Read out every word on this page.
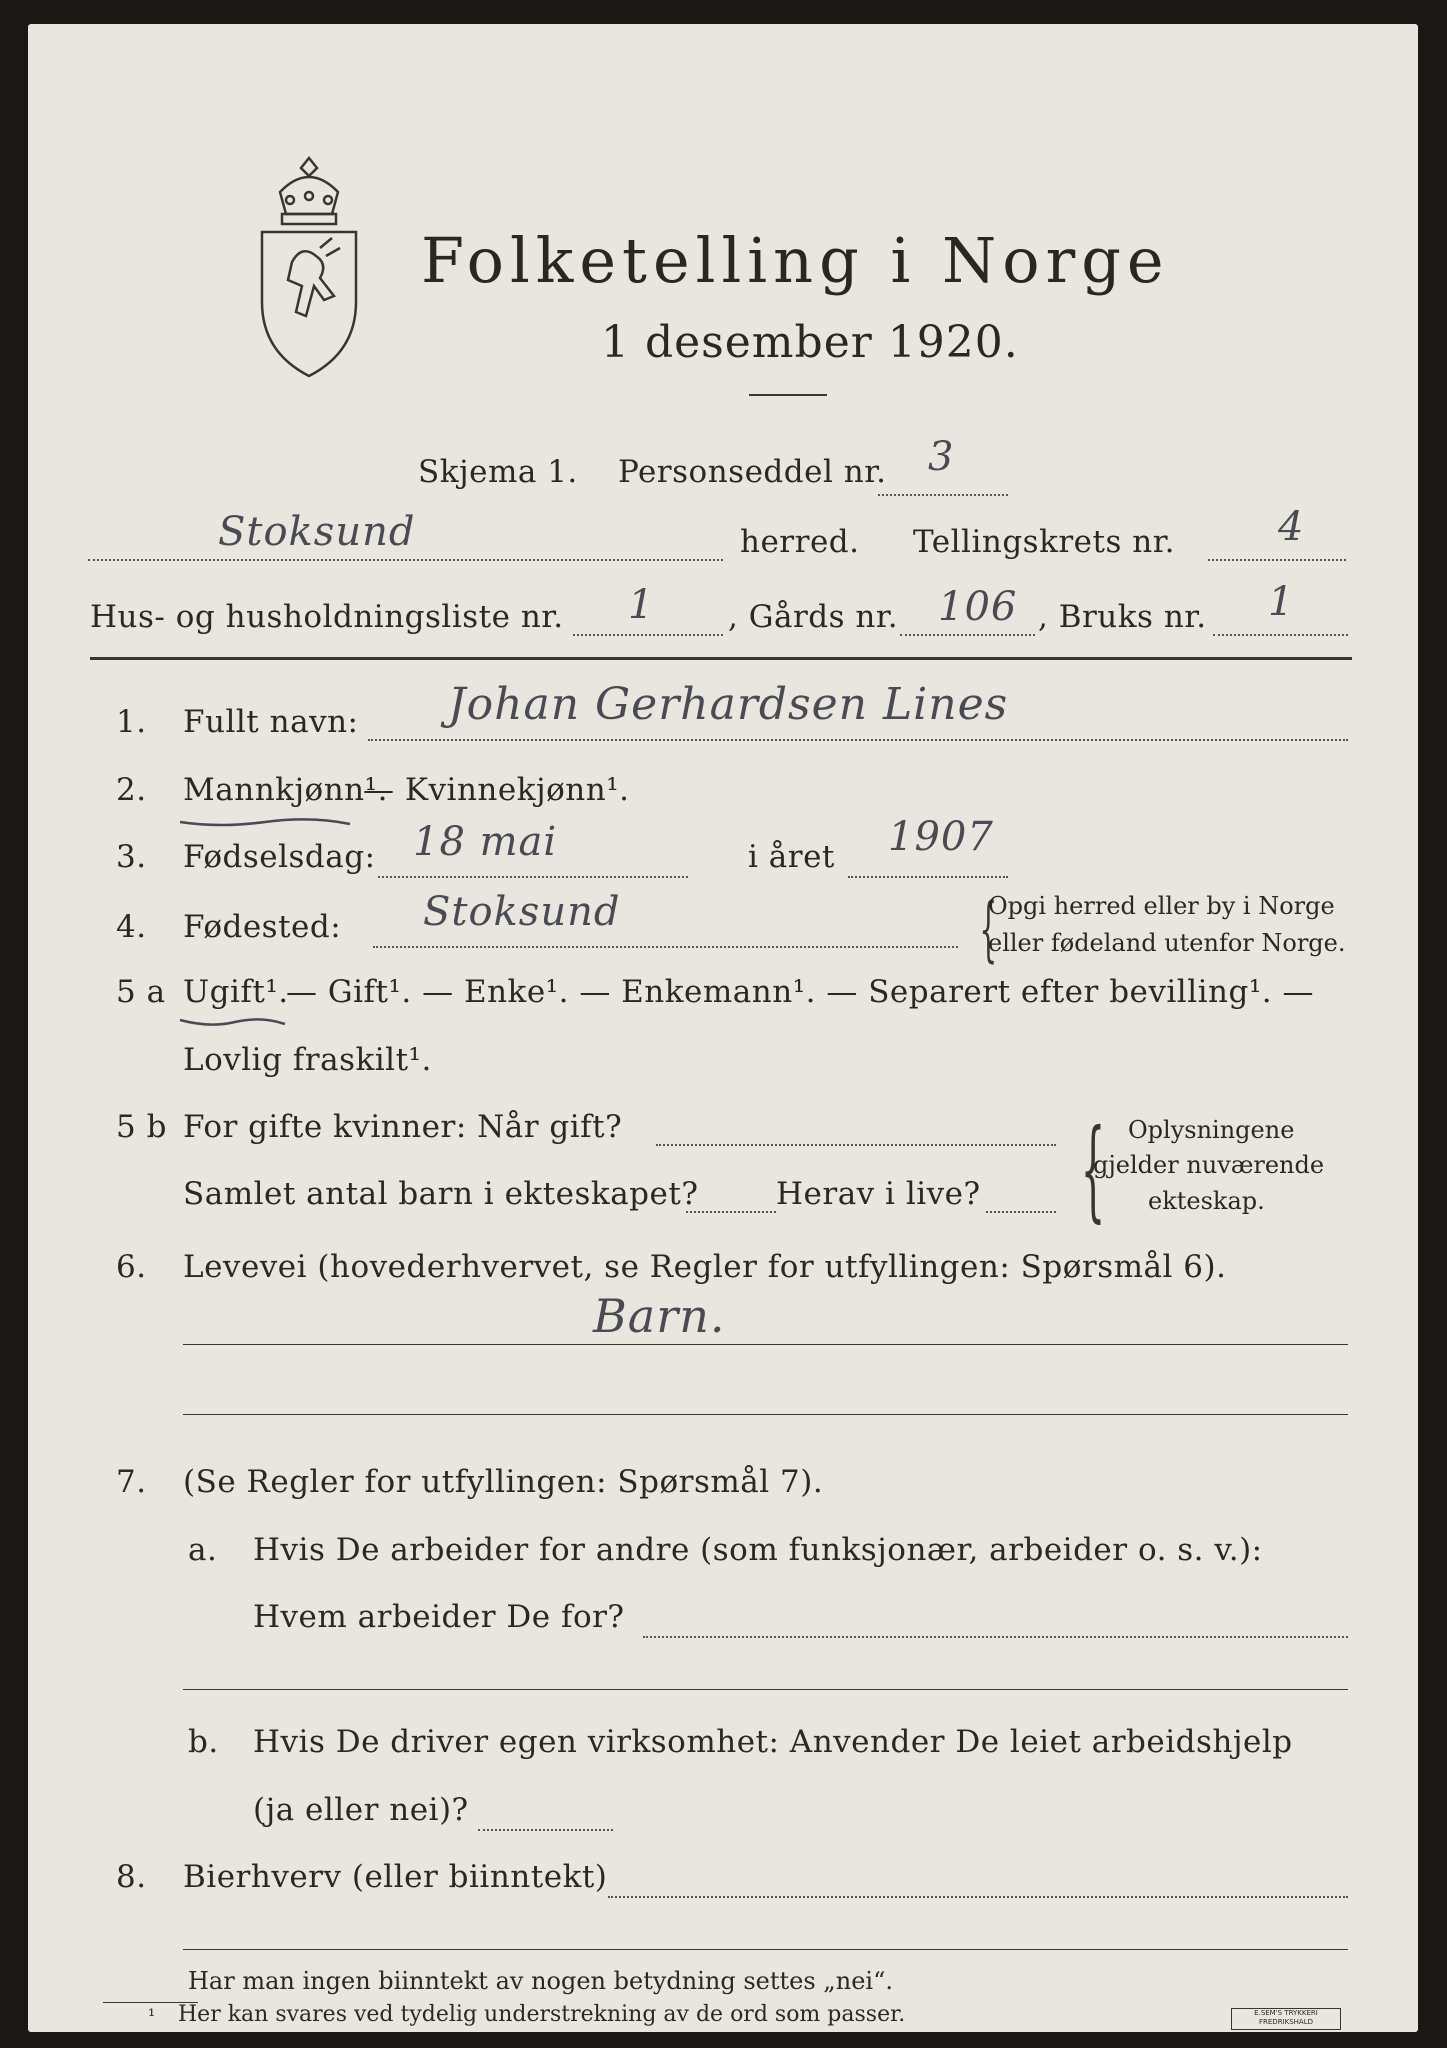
Folketelling i Norge
1 desember 1920.
Skjema 1. Personseddel nr. 3
Stoksund	herred. Tellingskrets nr.	4
Hus- og husholdningsliste nr. 1 , Gårds nr. 106 , Bruks nr. 1
1. Fullt navn: Johan Gerhardsen Lines
2. Mannkjønn¹.
— Kvinnekjønn¹.
3. Fødselsdag: 18 mai	i året 1907
4. Fødested: Stoksund	{
Opgi herred eller by i Norge
eller fødeland utenfor Norge.
5 a Ugift¹.
— Gift¹. — Enke¹. — Enkemann¹. — Separert efter bevilling¹. —
Lovlig fraskilt¹.
5 b For gifte kvinner: Når gift?
Samlet antal barn i ekteskapet?	Herav i live? { Oplysningene
gjelder nuværende
ekteskap.
6. Levevei (hovederhvervet, se Regler for utfyllingen: Spørsmål 6).
Barn.
7. (Se Regler for utfyllingen: Spørsmål 7).
a. Hvis De arbeider for andre (som funksjonær, arbeider o. s. v.):
Hvem arbeider De for?
b. Hvis De driver egen virksomhet: Anvender De leiet arbeidshjelp
(ja eller nei)?
8. Bierhverv (eller biinntekt)
Har man ingen biinntekt av nogen betydning settes „nei“.
¹ Her kan svares ved tydelig understrekning av de ord som passer.	E.SEM'S TRYKKERI
FREDRIKSHALD
